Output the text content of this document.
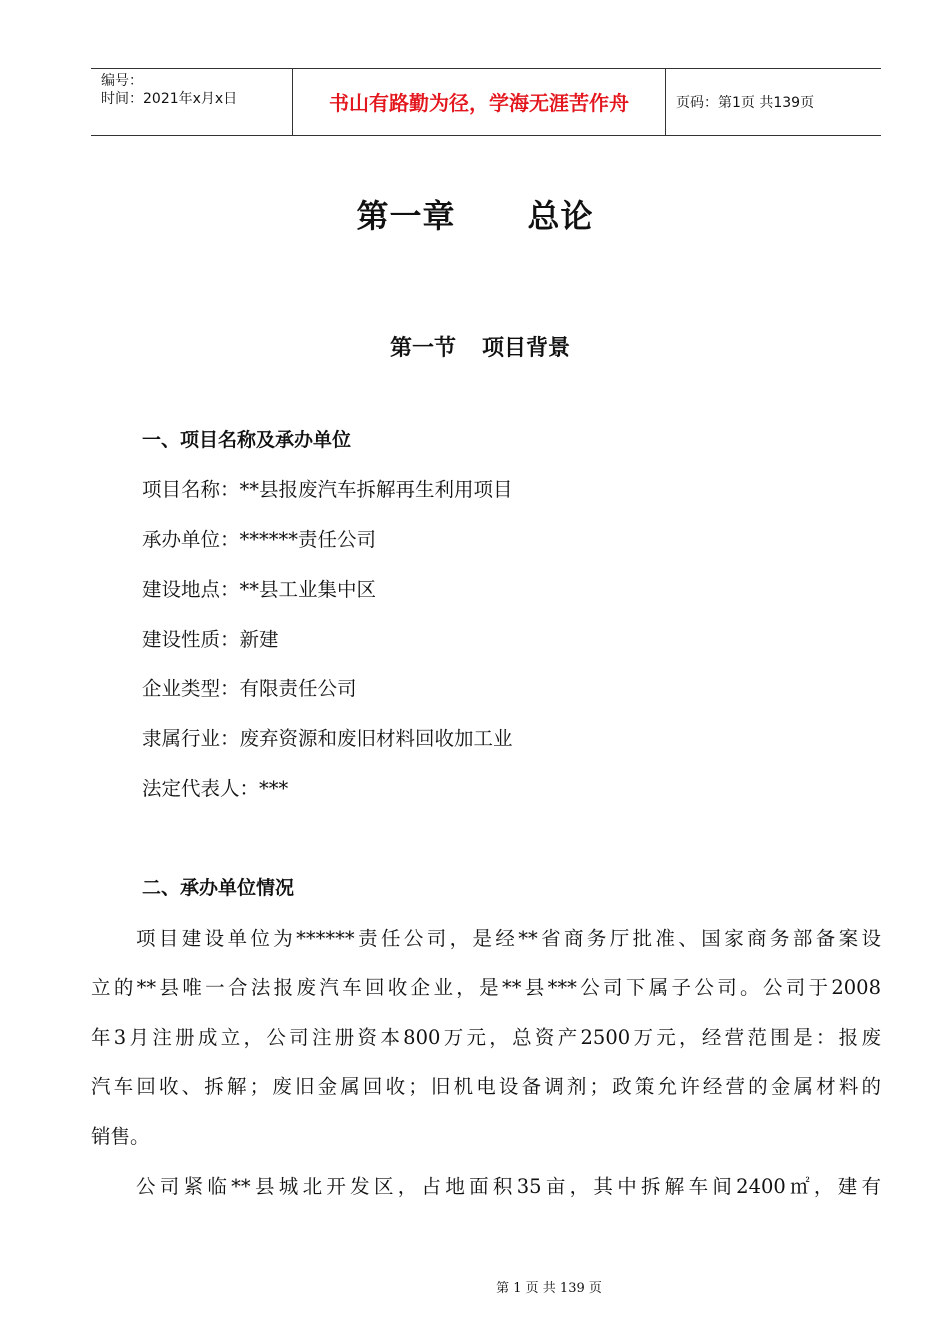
编号：
时间：2021年x月x日	书山有路勤为径，学海无涯苦作舟	页码：第1页 共139页
第一章 总论
第一节 项目背景
一、项目名称及承办单位
项目名称：**县报废汽车拆解再生利用项目
承办单位：******责任公司
建设地点：**县工业集中区
建设性质：新建
企业类型：有限责任公司
隶属行业：废弃资源和废旧材料回收加工业
法定代表人：***
二、承办单位情况
项目建设单位为******责任公司，是经**省商务厅批准、国家商务部备案设
立的**县唯一合法报废汽车回收企业，是**县***公司下属子公司。公司于2008
年3月注册成立，公司注册资本800万元，总资产2500万元，经营范围是：报废
汽车回收、拆解；废旧金属回收；旧机电设备调剂；政策允许经营的金属材料的
销售。
公司紧临**县城北开发区，占地面积35亩，其中拆解车间2400㎡，建有
第 1 页 共 139 页
